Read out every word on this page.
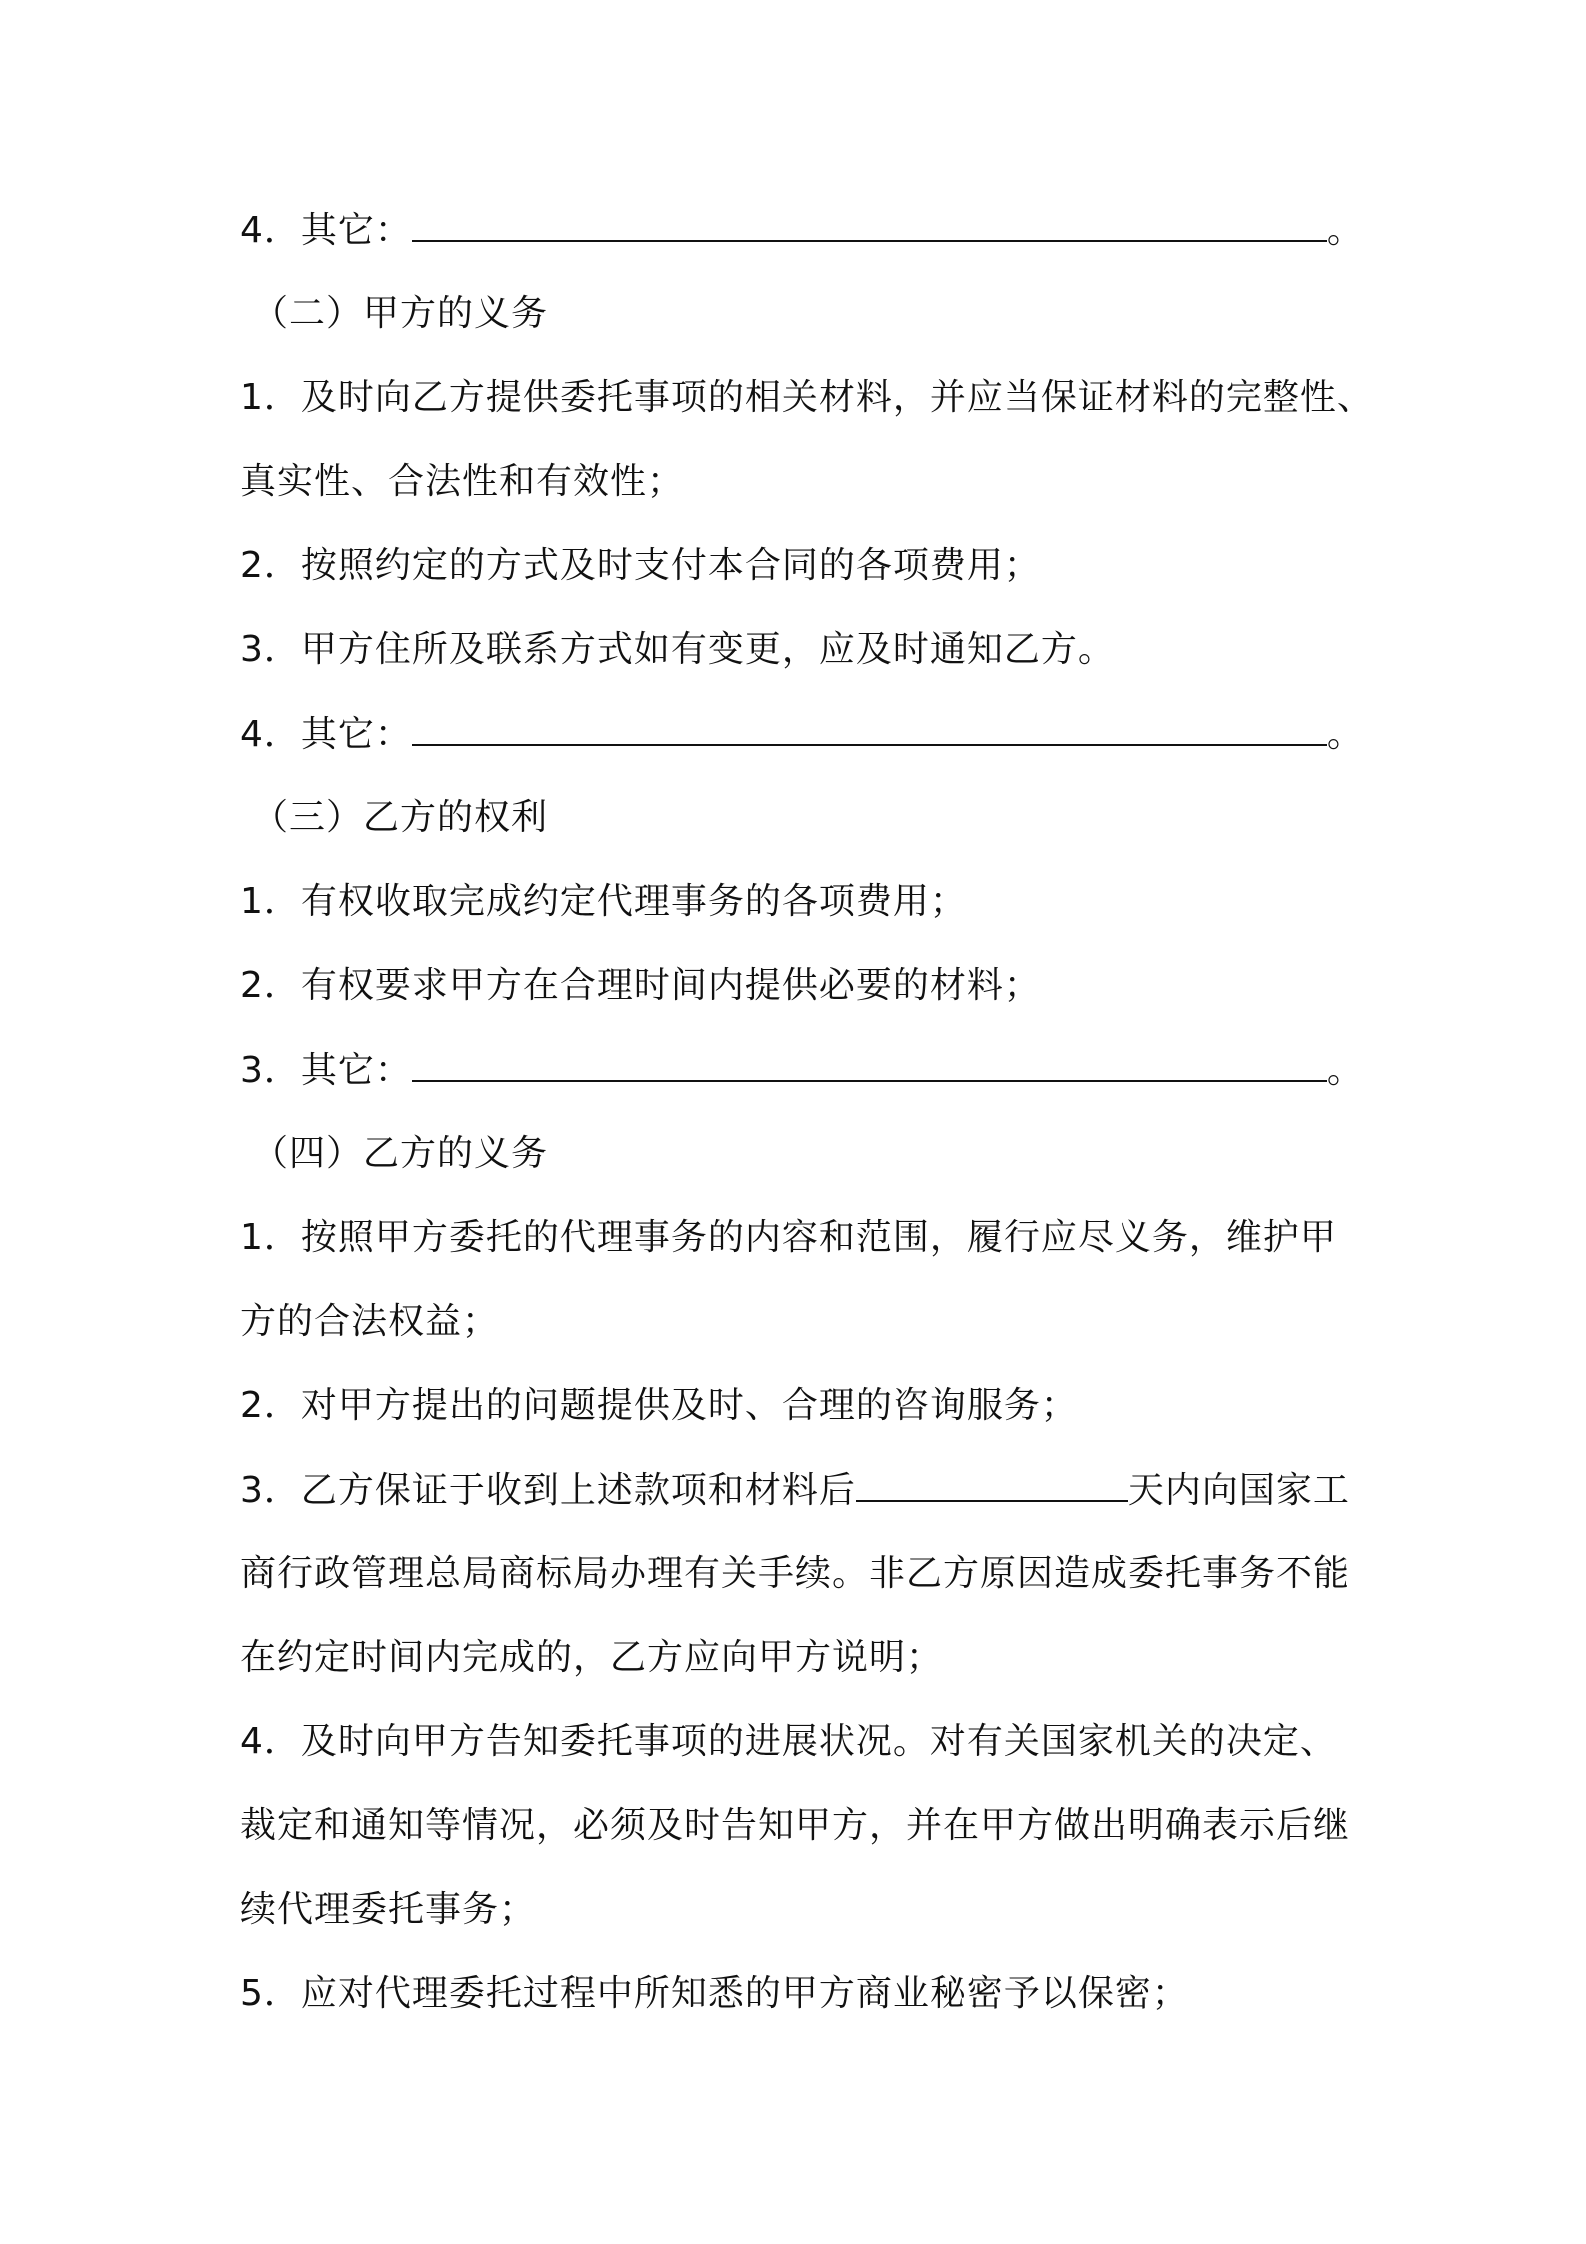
4．其它：	。
（二）甲方的义务
1．及时向乙方提供委托事项的相关材料，并应当保证材料的完整性、
真实性、合法性和有效性；
2．按照约定的方式及时支付本合同的各项费用；
3．甲方住所及联系方式如有变更，应及时通知乙方。
4．其它：	。
（三）乙方的权利
1．有权收取完成约定代理事务的各项费用；
2．有权要求甲方在合理时间内提供必要的材料；
3．其它：	。
（四）乙方的义务
1．按照甲方委托的代理事务的内容和范围，履行应尽义务，维护甲
方的合法权益；
2．对甲方提出的问题提供及时、合理的咨询服务；
3．乙方保证于收到上述款项和材料后	天内向国家工
商行政管理总局商标局办理有关手续。非乙方原因造成委托事务不能
在约定时间内完成的，乙方应向甲方说明；
4．及时向甲方告知委托事项的进展状况。对有关国家机关的决定、
裁定和通知等情况，必须及时告知甲方，并在甲方做出明确表示后继
续代理委托事务；
5．应对代理委托过程中所知悉的甲方商业秘密予以保密；
